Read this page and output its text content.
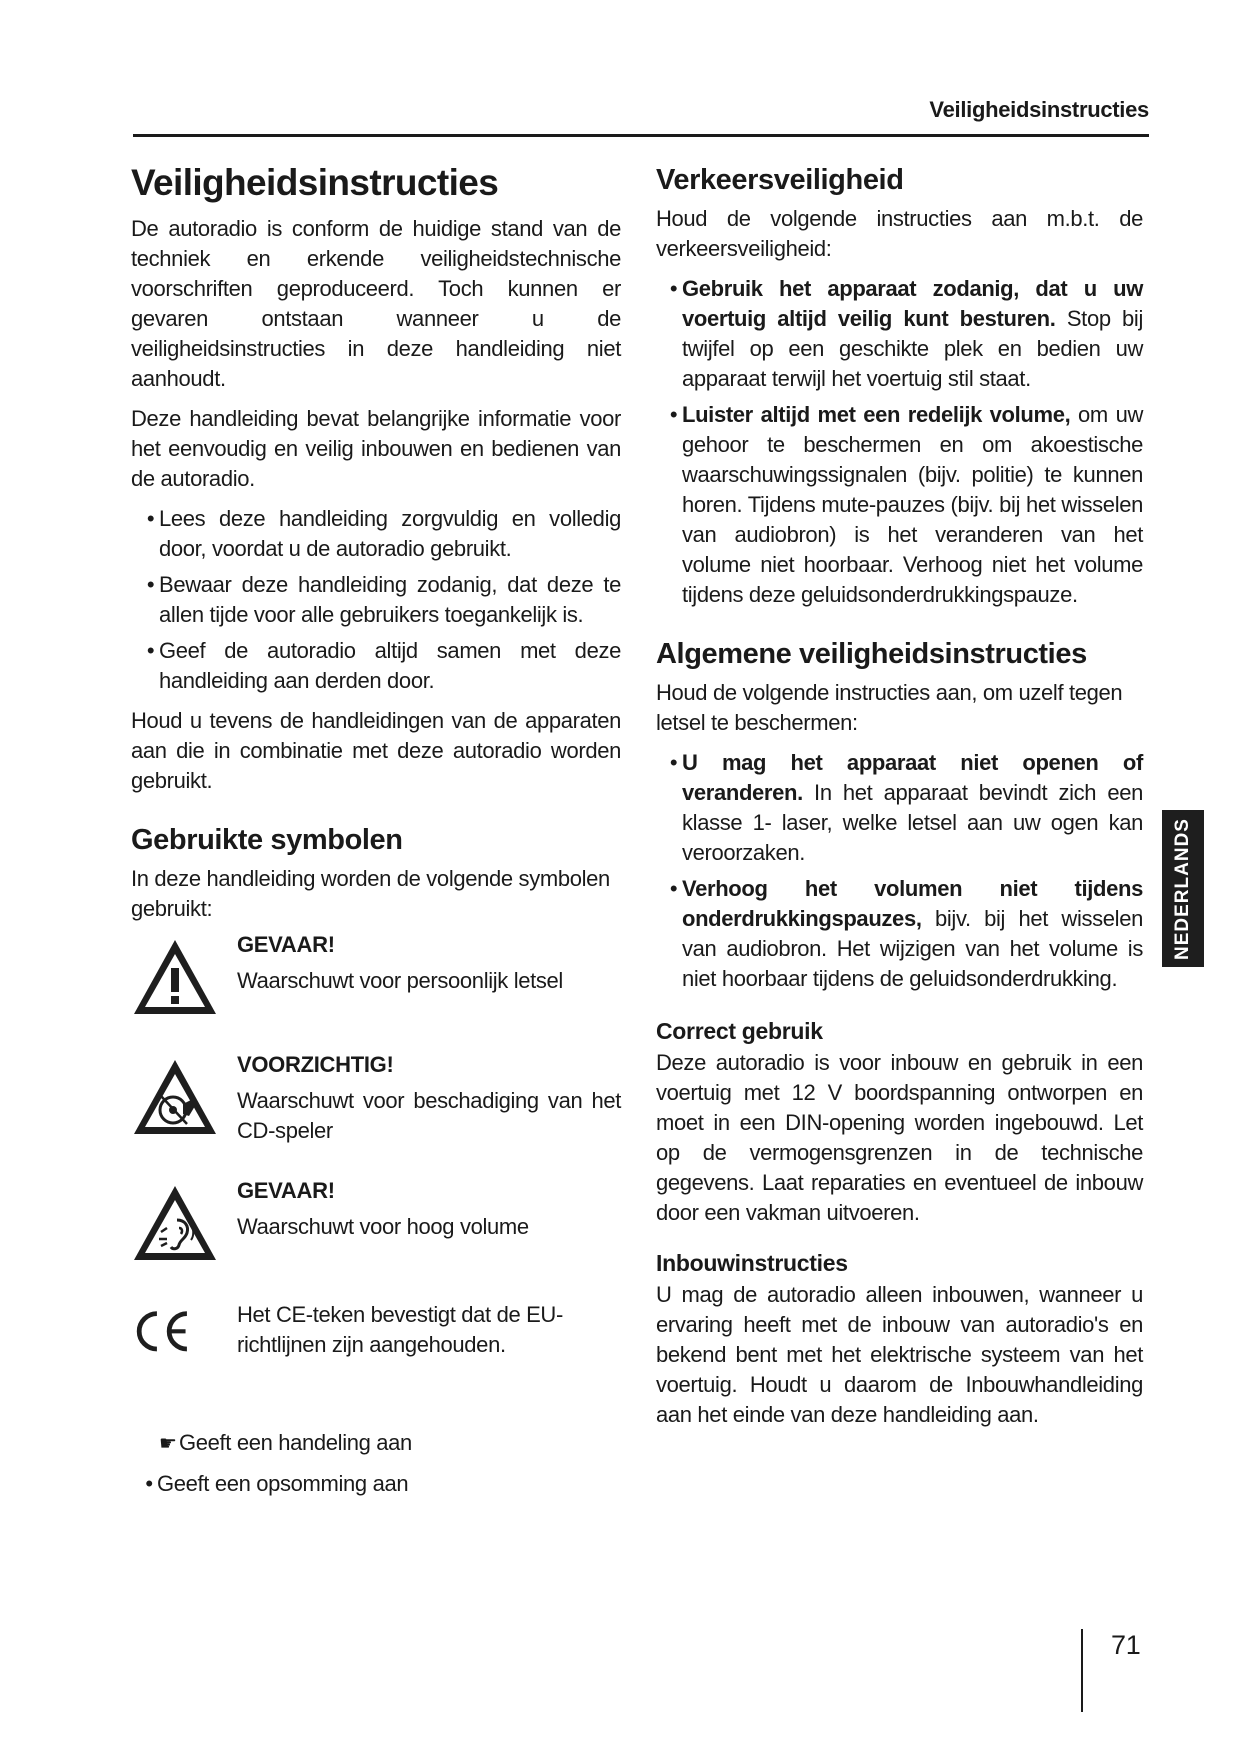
Veiligheidsinstructies
Veiligheidsinstructies

De autoradio is conform de huidige stand van de techniek en erkende veiligheidstechnische voorschriften geproduceerd. Toch kunnen er gevaren ontstaan wanneer u de veiligheidsinstructies in deze handleiding niet aanhoudt.

Deze handleiding bevat belangrijke informatie voor het eenvoudig en veilig inbouwen en bedienen van de autoradio.

• Lees deze handleiding zorgvuldig en volledig door, voordat u de autoradio gebruikt.
• Bewaar deze handleiding zodanig, dat deze te allen tijde voor alle gebruikers toegankelijk is.
• Geef de autoradio altijd samen met deze handleiding aan derden door.

Houd u tevens de handleidingen van de apparaten aan die in combinatie met deze autoradio worden gebruikt.

Gebruikte symbolen

In deze handleiding worden de volgende symbolen gebruikt:

GEVAAR!
Waarschuwt voor persoonlijk letsel
VOORZICHTIG!
Waarschuwt voor beschadiging van het CD-speler
GEVAAR!
Waarschuwt voor hoog volume
Het CE-teken bevestigt dat de EU-richtlijnen zijn aangehouden.
☛ Geeft een handeling aan
• Geeft een opsomming aan
Verkeersveiligheid

Houd de volgende instructies aan m.b.t. de verkeersveiligheid:

• Gebruik het apparaat zodanig, dat u uw voertuig altijd veilig kunt besturen. Stop bij twijfel op een geschikte plek en bedien uw apparaat terwijl het voertuig stil staat.
• Luister altijd met een redelijk volume, om uw gehoor te beschermen en om akoestische waarschuwingssignalen (bijv. politie) te kunnen horen. Tijdens mute-pauzes (bijv. bij het wisselen van audiobron) is het veranderen van het volume niet hoorbaar. Verhoog niet het volume tijdens deze geluidsonderdrukkingspauze.
Algemene veiligheidsinstructies

Houd de volgende instructies aan, om uzelf tegen letsel te beschermen:

• U mag het apparaat niet openen of veranderen. In het apparaat bevindt zich een klasse 1- laser, welke letsel aan uw ogen kan veroorzaken.
• Verhoog het volumen niet tijdens onderdrukkingspauzes, bijv. bij het wisselen van audiobron. Het wijzigen van het volume is niet hoorbaar tijdens de geluidsonderdrukking.
Correct gebruik

Deze autoradio is voor inbouw en gebruik in een voertuig met 12 V boordspanning ontworpen en moet in een DIN-opening worden ingebouwd. Let op de vermogensgrenzen in de technische gegevens. Laat reparaties en eventueel de inbouw door een vakman uitvoeren.

Inbouwinstructies

U mag de autoradio alleen inbouwen, wanneer u ervaring heeft met de inbouw van autoradio's en bekend bent met het elektrische systeem van het voertuig. Houdt u daarom de Inbouwhandleiding aan het einde van deze handleiding aan.

NEDERLANDS
71
